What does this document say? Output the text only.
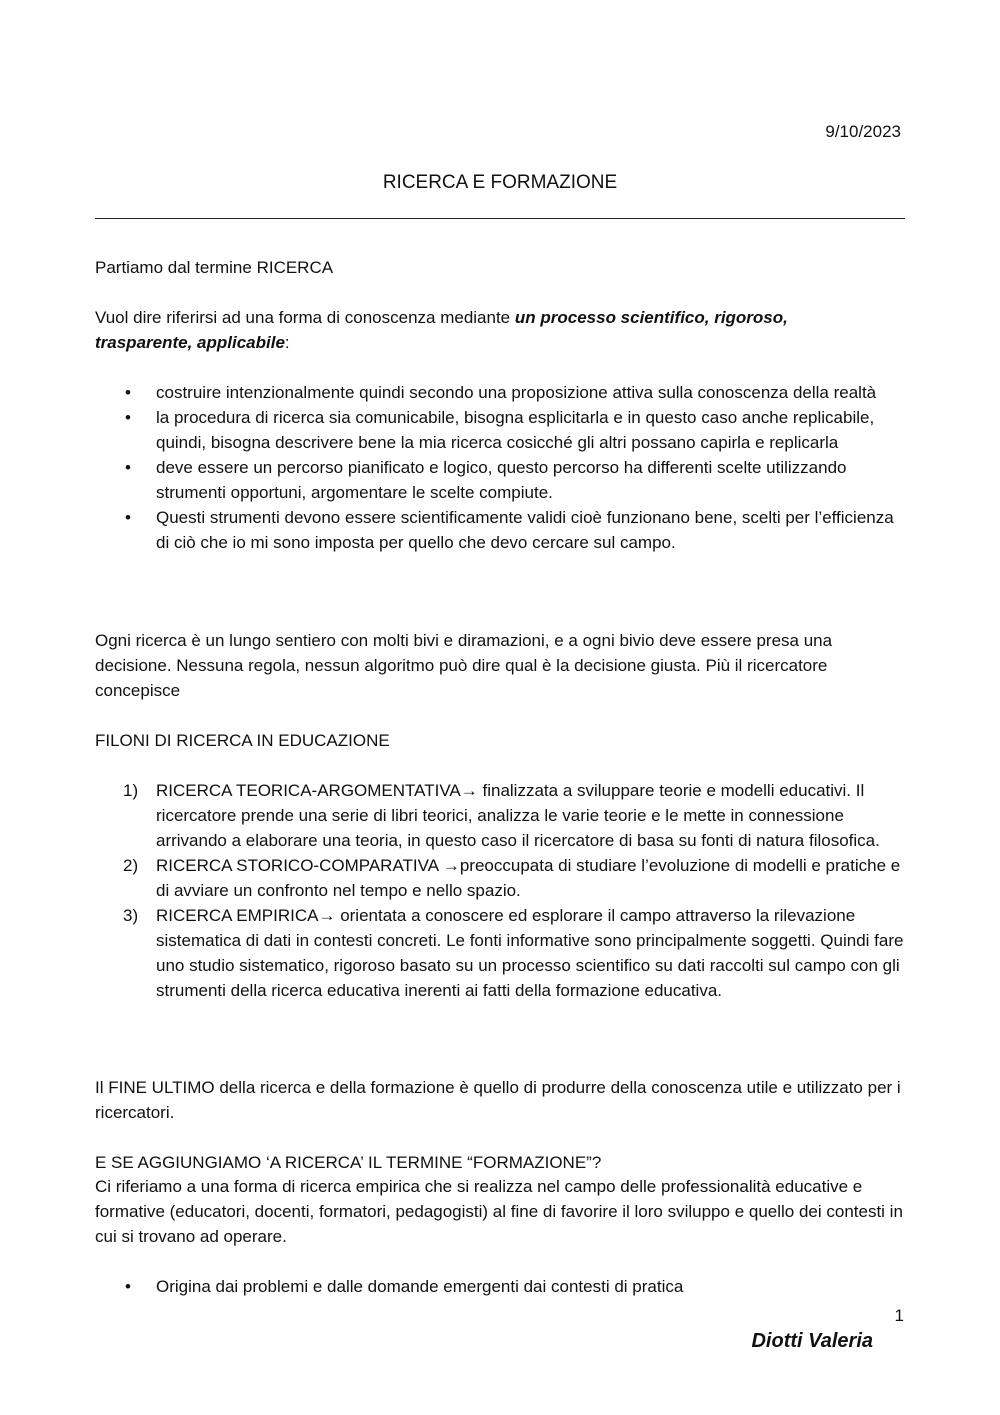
9/10/2023
RICERCA E FORMAZIONE

Partiamo dal termine RICERCA

Vuol dire riferirsi ad una forma di conoscenza mediante un processo scientifico, rigoroso,
trasparente, applicabile:

• costruire intenzionalmente quindi secondo una proposizione attiva sulla conoscenza della realtà
• la procedura di ricerca sia comunicabile, bisogna esplicitarla e in questo caso anche replicabile, quindi, bisogna descrivere bene la mia ricerca cosicché gli altri possano capirla e replicarla
• deve essere un percorso pianificato e logico, questo percorso ha differenti scelte utilizzando strumenti opportuni, argomentare le scelte compiute.
• Questi strumenti devono essere scientificamente validi cioè funzionano bene, scelti per l’efficienza di ciò che io mi sono imposta per quello che devo cercare sul campo.

Ogni ricerca è un lungo sentiero con molti bivi e diramazioni, e a ogni bivio deve essere presa una decisione. Nessuna regola, nessun algoritmo può dire qual è la decisione giusta. Più il ricercatore concepisce

FILONI DI RICERCA IN EDUCAZIONE

1) RICERCA TEORICA-ARGOMENTATIVA→ finalizzata a sviluppare teorie e modelli educativi. Il ricercatore prende una serie di libri teorici, analizza le varie teorie e le mette in connessione arrivando a elaborare una teoria, in questo caso il ricercatore di basa su fonti di natura filosofica.
2) RICERCA STORICO-COMPARATIVA →preoccupata di studiare l’evoluzione di modelli e pratiche e di avviare un confronto nel tempo e nello spazio.
3) RICERCA EMPIRICA→ orientata a conoscere ed esplorare il campo attraverso la rilevazione sistematica di dati in contesti concreti. Le fonti informative sono principalmente soggetti. Quindi fare uno studio sistematico, rigoroso basato su un processo scientifico su dati raccolti sul campo con gli strumenti della ricerca educativa inerenti ai fatti della formazione educativa.

Il FINE ULTIMO della ricerca e della formazione è quello di produrre della conoscenza utile e utilizzato per i ricercatori.

E SE AGGIUNGIAMO ‘A RICERCA’ IL TERMINE “FORMAZIONE”?

Ci riferiamo a una forma di ricerca empirica che si realizza nel campo delle professionalità educative e formative (educatori, docenti, formatori, pedagogisti) al fine di favorire il loro sviluppo e quello dei contesti in cui si trovano ad operare.

• Origina dai problemi e dalle domande emergenti dai contesti di pratica
1
Diotti Valeria
